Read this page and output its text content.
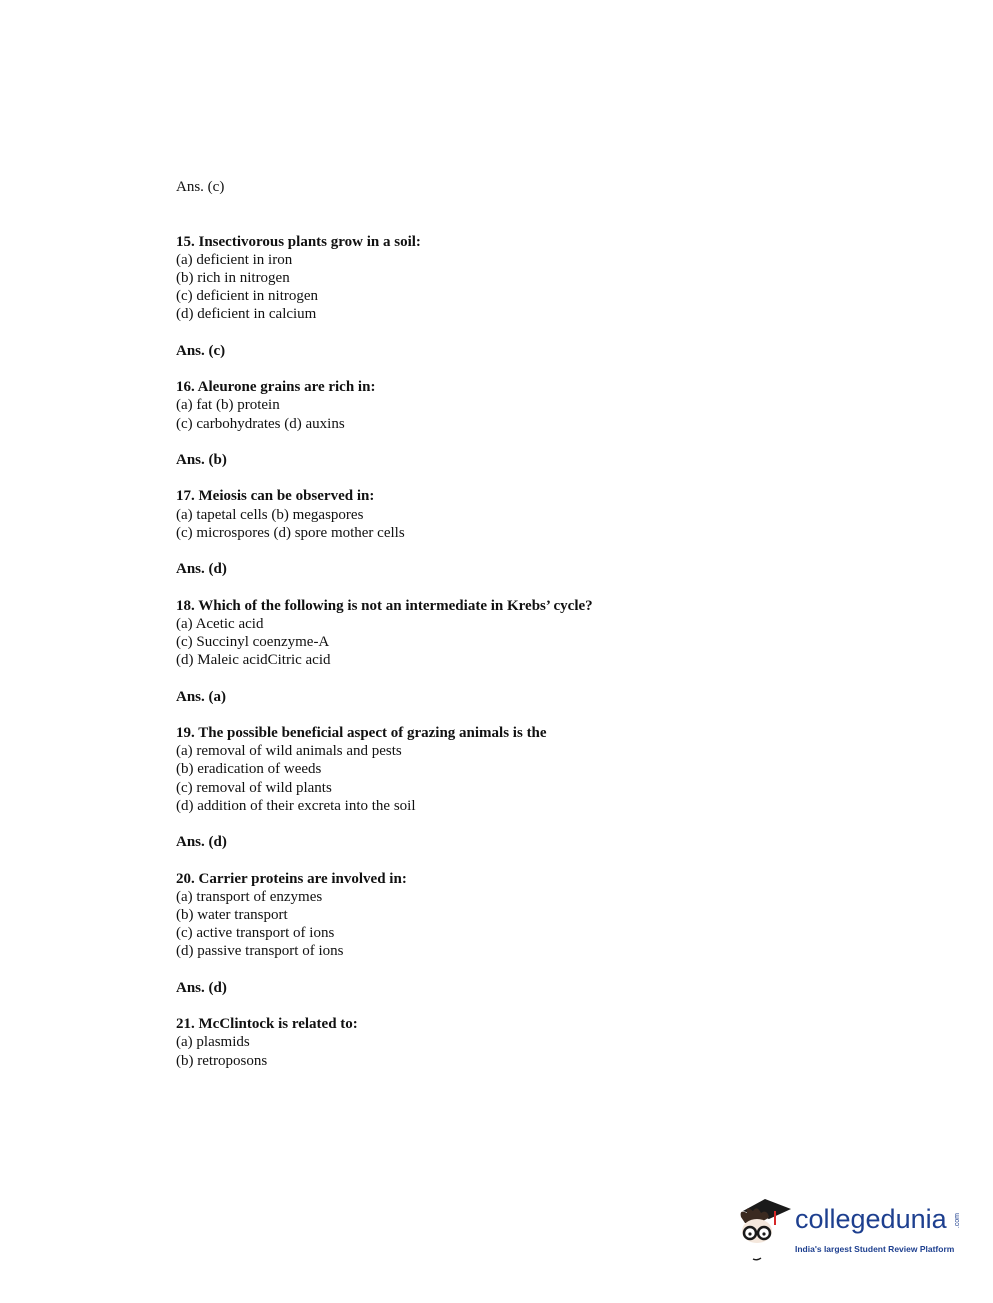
Ans. (c)
15. Insectivorous plants grow in a soil:
(a) deficient in iron
(b) rich in nitrogen
(c) deficient in nitrogen
(d) deficient in calcium
Ans. (c)
16. Aleurone grains are rich in:
(a) fat (b) protein
(c) carbohydrates (d) auxins
Ans. (b)
17. Meiosis can be observed in:
(a) tapetal cells (b) megaspores
(c) microspores (d) spore mother cells
Ans. (d)
18. Which of the following is not an intermediate in Krebs’ cycle?
(a) Acetic acid
(c) Succinyl coenzyme-A
(d) Maleic acidCitric acid
Ans. (a)
19. The possible beneficial aspect of grazing animals is the
(a) removal of wild animals and pests
(b) eradication of weeds
(c) removal of wild plants
(d) addition of their excreta into the soil
Ans. (d)
20. Carrier proteins are involved in:
(a) transport of enzymes
(b) water transport
(c) active transport of ions
(d) passive transport of ions
Ans. (d)
21. McClintock is related to:
(a) plasmids
(b) retroposons
collegedunia .com
India's largest Student Review Platform
